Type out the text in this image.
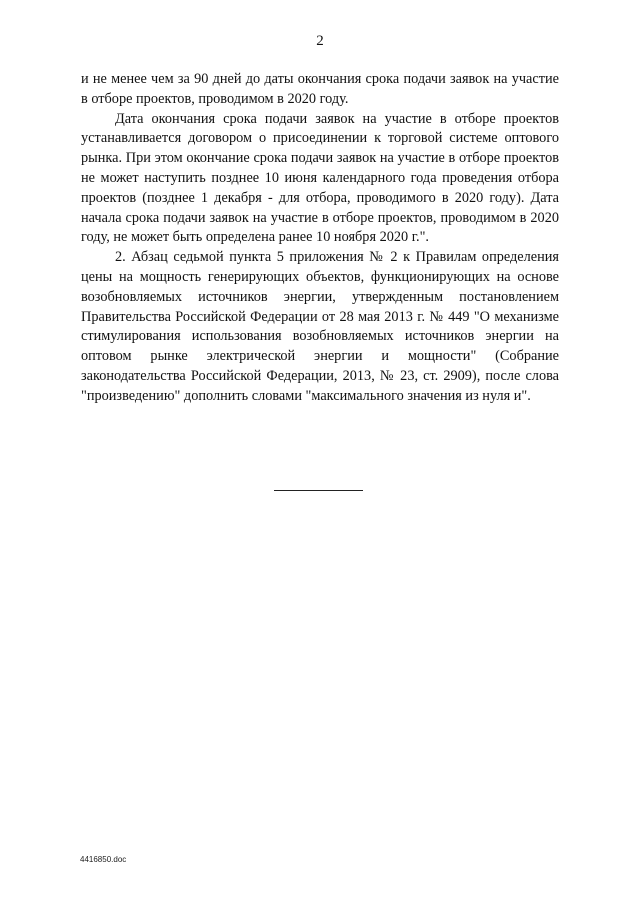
2

и не менее чем за 90 дней до даты окончания срока подачи заявок на участие в отборе проектов, проводимом в 2020 году.

Дата окончания срока подачи заявок на участие в отборе проектов устанавливается договором о присоединении к торговой системе оптового рынка. При этом окончание срока подачи заявок на участие в отборе проектов не может наступить позднее 10 июня календарного года проведения отбора проектов (позднее 1 декабря - для отбора, проводимого в 2020 году). Дата начала срока подачи заявок на участие в отборе проектов, проводимом в 2020 году, не может быть определена ранее 10 ноября 2020 г.".

2. Абзац седьмой пункта 5 приложения № 2 к Правилам определения цены на мощность генерирующих объектов, функционирующих на основе возобновляемых источников энергии, утвержденным постановлением Правительства Российской Федерации от 28 мая 2013 г. № 449 "О механизме стимулирования использования возобновляемых источников энергии на оптовом рынке электрической энергии и мощности" (Собрание законодательства Российской Федерации, 2013, № 23, ст. 2909), после слова "произведению" дополнить словами "максимального значения из нуля и".

4416850.doc
